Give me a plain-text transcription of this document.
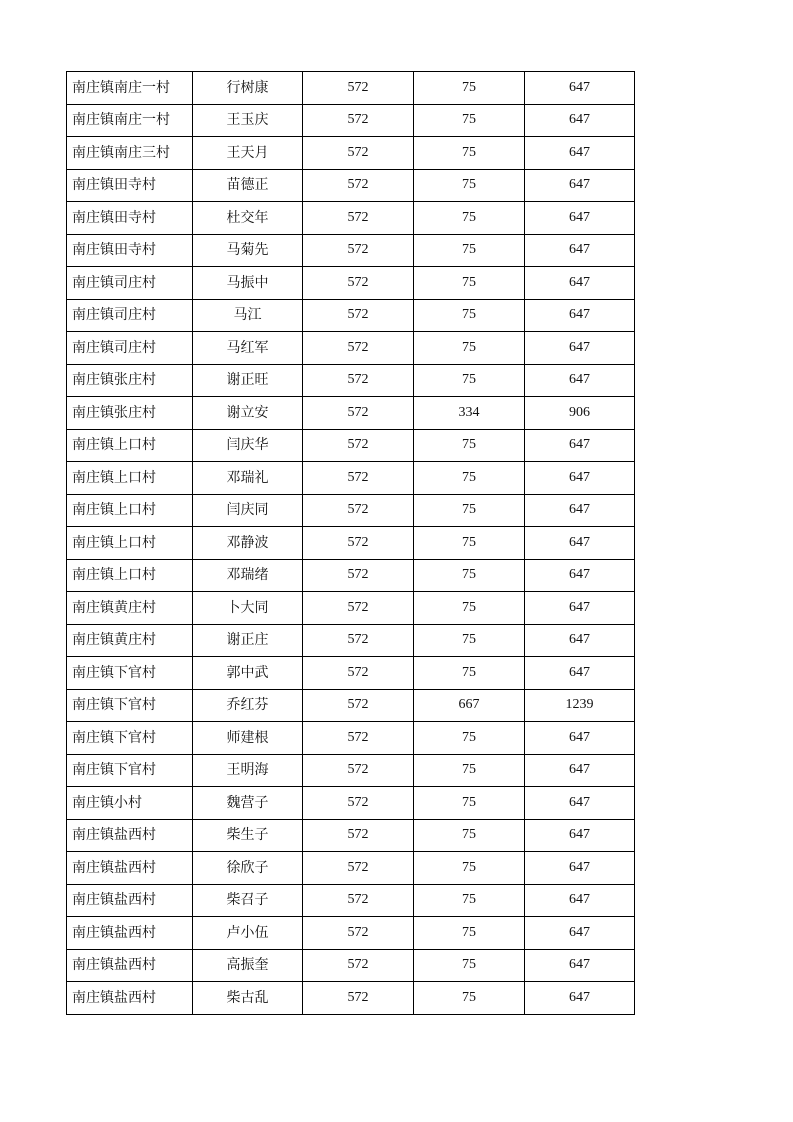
南庄镇南庄一村	行树康	572	75	647
南庄镇南庄一村	王玉庆	572	75	647
南庄镇南庄三村	王天月	572	75	647
南庄镇田寺村	苗德正	572	75	647
南庄镇田寺村	杜交年	572	75	647
南庄镇田寺村	马菊先	572	75	647
南庄镇司庄村	马振中	572	75	647
南庄镇司庄村	马江	572	75	647
南庄镇司庄村	马红军	572	75	647
南庄镇张庄村	谢正旺	572	75	647
南庄镇张庄村	谢立安	572	334	906
南庄镇上口村	闫庆华	572	75	647
南庄镇上口村	邓瑞礼	572	75	647
南庄镇上口村	闫庆同	572	75	647
南庄镇上口村	邓静波	572	75	647
南庄镇上口村	邓瑞绪	572	75	647
南庄镇黄庄村	卜大同	572	75	647
南庄镇黄庄村	谢正庄	572	75	647
南庄镇下官村	郭中武	572	75	647
南庄镇下官村	乔红芬	572	667	1239
南庄镇下官村	师建根	572	75	647
南庄镇下官村	王明海	572	75	647
南庄镇小村	魏营子	572	75	647
南庄镇盐西村	柴生子	572	75	647
南庄镇盐西村	徐欣子	572	75	647
南庄镇盐西村	柴召子	572	75	647
南庄镇盐西村	卢小伍	572	75	647
南庄镇盐西村	高振奎	572	75	647
南庄镇盐西村	柴古乱	572	75	647
